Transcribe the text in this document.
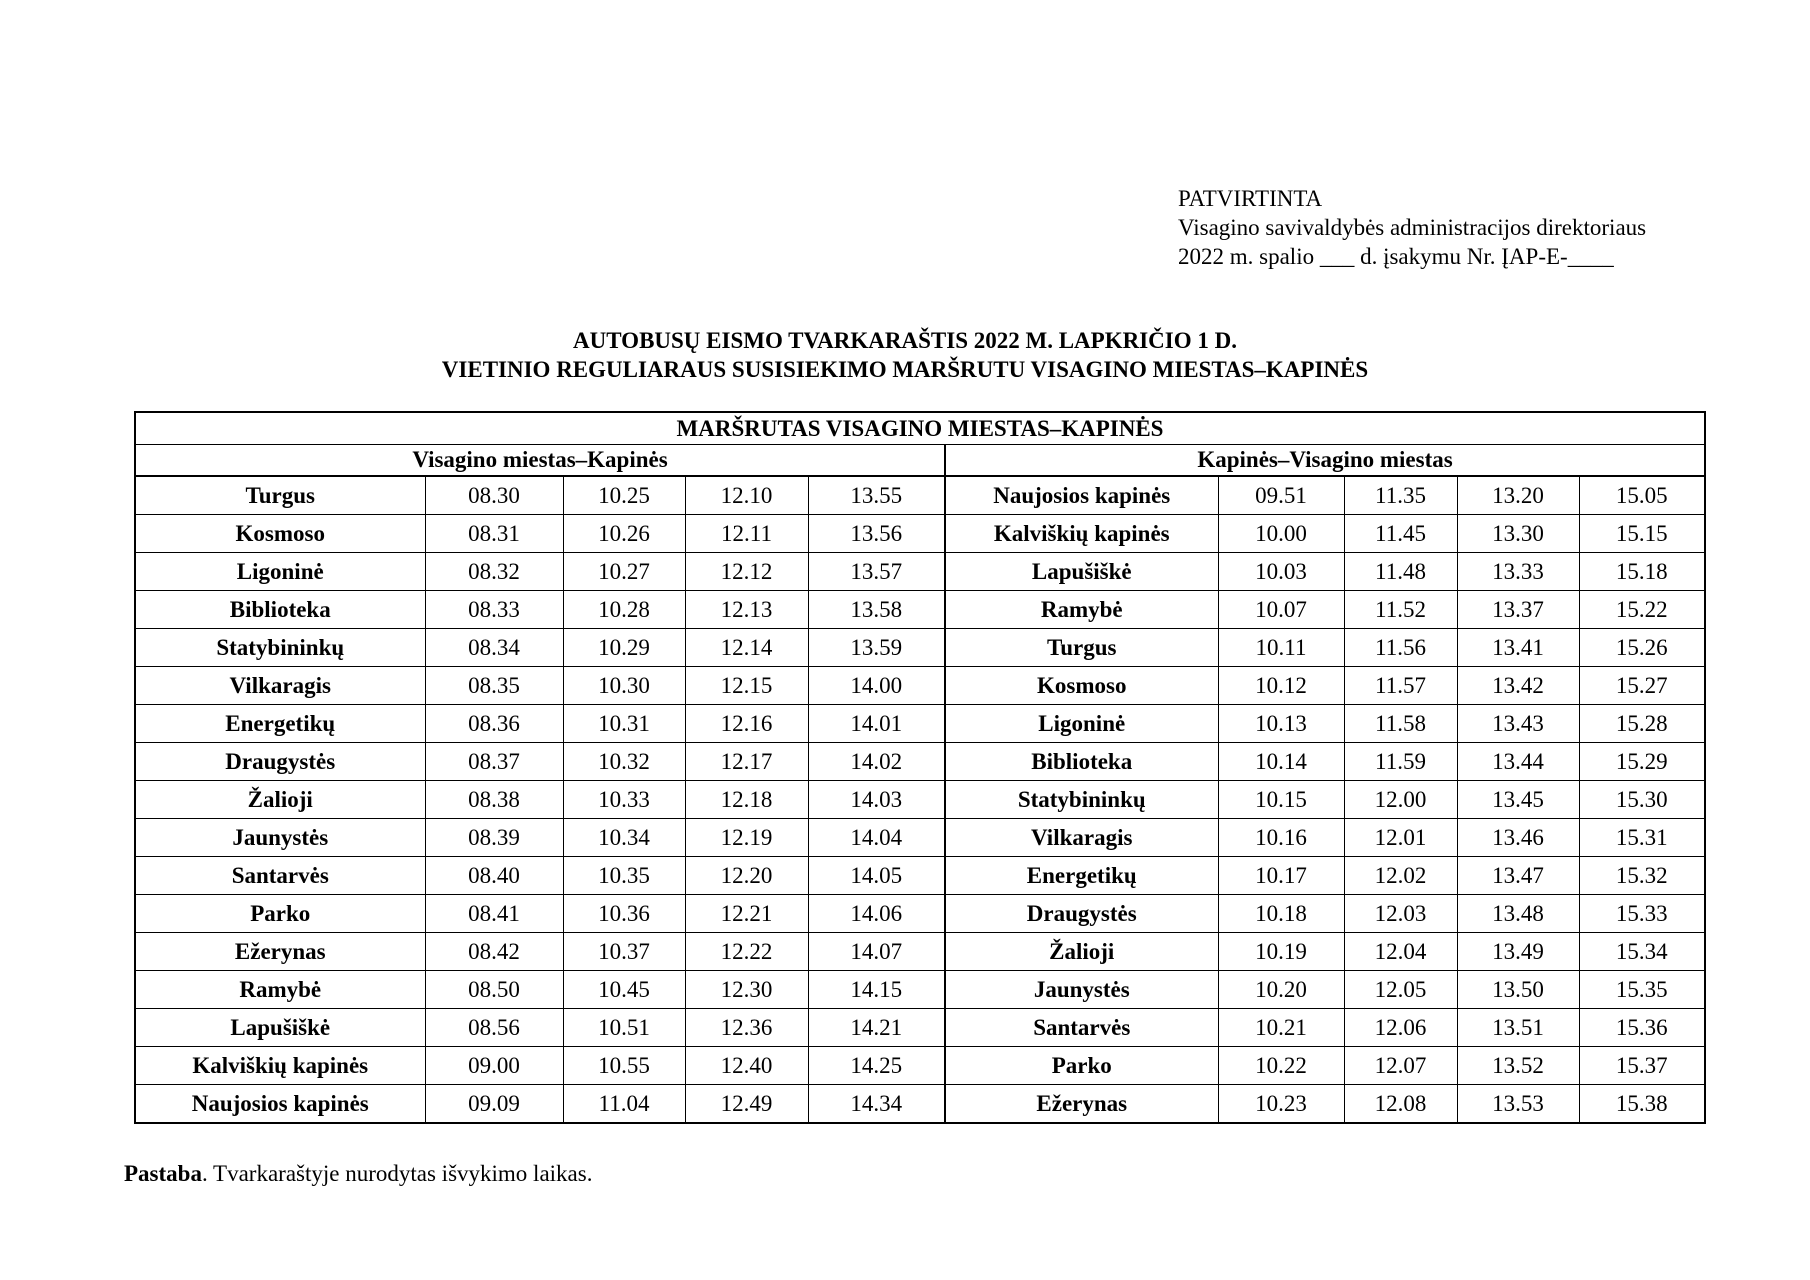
PATVIRTINTA
Visagino savivaldybės administracijos direktoriaus
2022 m. spalio ___ d. įsakymu Nr. ĮAP-E-____
AUTOBUSŲ EISMO TVARKARAŠTIS 2022 M. LAPKRIČIO 1 D.
VIETINIO REGULIARAUS SUSISIEKIMO MARŠRUTU VISAGINO MIESTAS–KAPINĖS
MARŠRUTAS VISAGINO MIESTAS–KAPINĖS									
Visagino miestas–Kapinės					Kapinės–Visagino miestas				
Turgus	08.30	10.25	12.10	13.55	Naujosios kapinės	09.51	11.35	13.20	15.05
Kosmoso	08.31	10.26	12.11	13.56	Kalviškių kapinės	10.00	11.45	13.30	15.15
Ligoninė	08.32	10.27	12.12	13.57	Lapušiškė	10.03	11.48	13.33	15.18
Biblioteka	08.33	10.28	12.13	13.58	Ramybė	10.07	11.52	13.37	15.22
Statybininkų	08.34	10.29	12.14	13.59	Turgus	10.11	11.56	13.41	15.26
Vilkaragis	08.35	10.30	12.15	14.00	Kosmoso	10.12	11.57	13.42	15.27
Energetikų	08.36	10.31	12.16	14.01	Ligoninė	10.13	11.58	13.43	15.28
Draugystės	08.37	10.32	12.17	14.02	Biblioteka	10.14	11.59	13.44	15.29
Žalioji	08.38	10.33	12.18	14.03	Statybininkų	10.15	12.00	13.45	15.30
Jaunystės	08.39	10.34	12.19	14.04	Vilkaragis	10.16	12.01	13.46	15.31
Santarvės	08.40	10.35	12.20	14.05	Energetikų	10.17	12.02	13.47	15.32
Parko	08.41	10.36	12.21	14.06	Draugystės	10.18	12.03	13.48	15.33
Ežerynas	08.42	10.37	12.22	14.07	Žalioji	10.19	12.04	13.49	15.34
Ramybė	08.50	10.45	12.30	14.15	Jaunystės	10.20	12.05	13.50	15.35
Lapušiškė	08.56	10.51	12.36	14.21	Santarvės	10.21	12.06	13.51	15.36
Kalviškių kapinės	09.00	10.55	12.40	14.25	Parko	10.22	12.07	13.52	15.37
Naujosios kapinės	09.09	11.04	12.49	14.34	Ežerynas	10.23	12.08	13.53	15.38
Pastaba. Tvarkaraštyje nurodytas išvykimo laikas.
